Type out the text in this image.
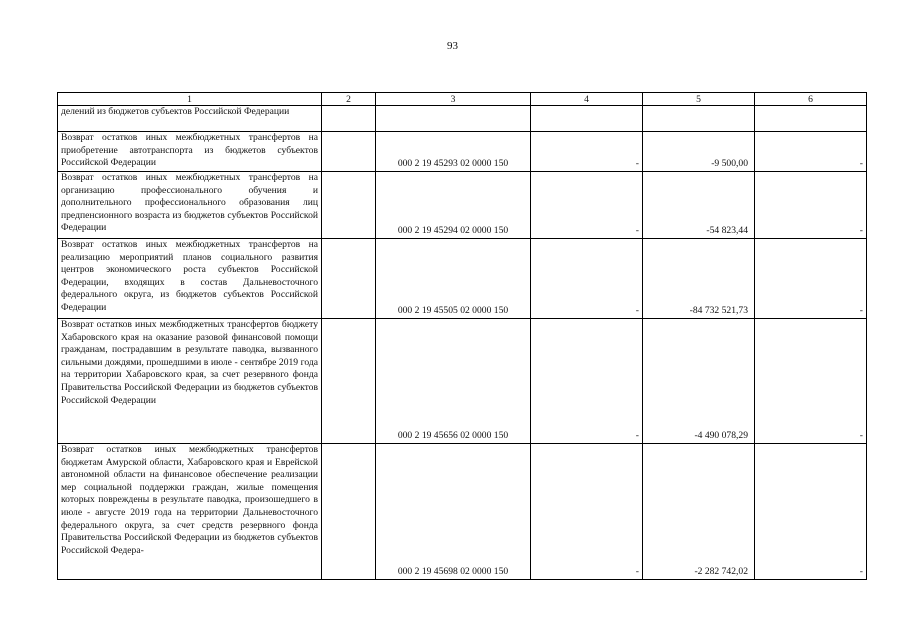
93
1	2	3	4	5	6
делений из бюджетов субъектов Российской Федерации					
Возврат остатков иных межбюджетных трансфертов на приобретение автотранспорта из бюджетов субъектов Российской Федерации		000 2 19 45293 02 0000 150	-	-9 500,00	-
Возврат остатков иных межбюджетных трансфертов на организацию профессионального обучения и дополнительного профессионального образования лиц предпенсионного возраста из бюджетов субъектов Российской Федерации		000 2 19 45294 02 0000 150	-	-54 823,44	-
Возврат остатков иных межбюджетных трансфертов на реализацию мероприятий планов социального развития центров экономического роста субъектов Российской Федерации, входящих в состав Дальневосточного федерального округа, из бюджетов субъектов Российской Федерации		000 2 19 45505 02 0000 150	-	-84 732 521,73	-
Возврат остатков иных межбюджетных трансфертов бюджету Хабаровского края на оказание разовой финансовой помощи гражданам, пострадавшим в результате паводка, вызванного сильными дождями, прошедшими в июле - сентябре 2019 года на территории Хабаровского края, за счет резервного фонда Правительства Российской Федерации из бюджетов субъектов Российской Федерации		000 2 19 45656 02 0000 150	-	-4 490 078,29	-
Возврат остатков иных межбюджетных трансфертов бюджетам Амурской области, Хабаровского края и Еврейской автономной области на финансовое обеспечение реализации мер социальной поддержки граждан, жилые помещения которых повреждены в результате паводка, произошедшего в июле - августе 2019 года на территории Дальневосточного федерального округа, за счет средств резервного фонда Правительства Российской Федерации из бюджетов субъектов Российской Федера-		000 2 19 45698 02 0000 150	-	-2 282 742,02	-
